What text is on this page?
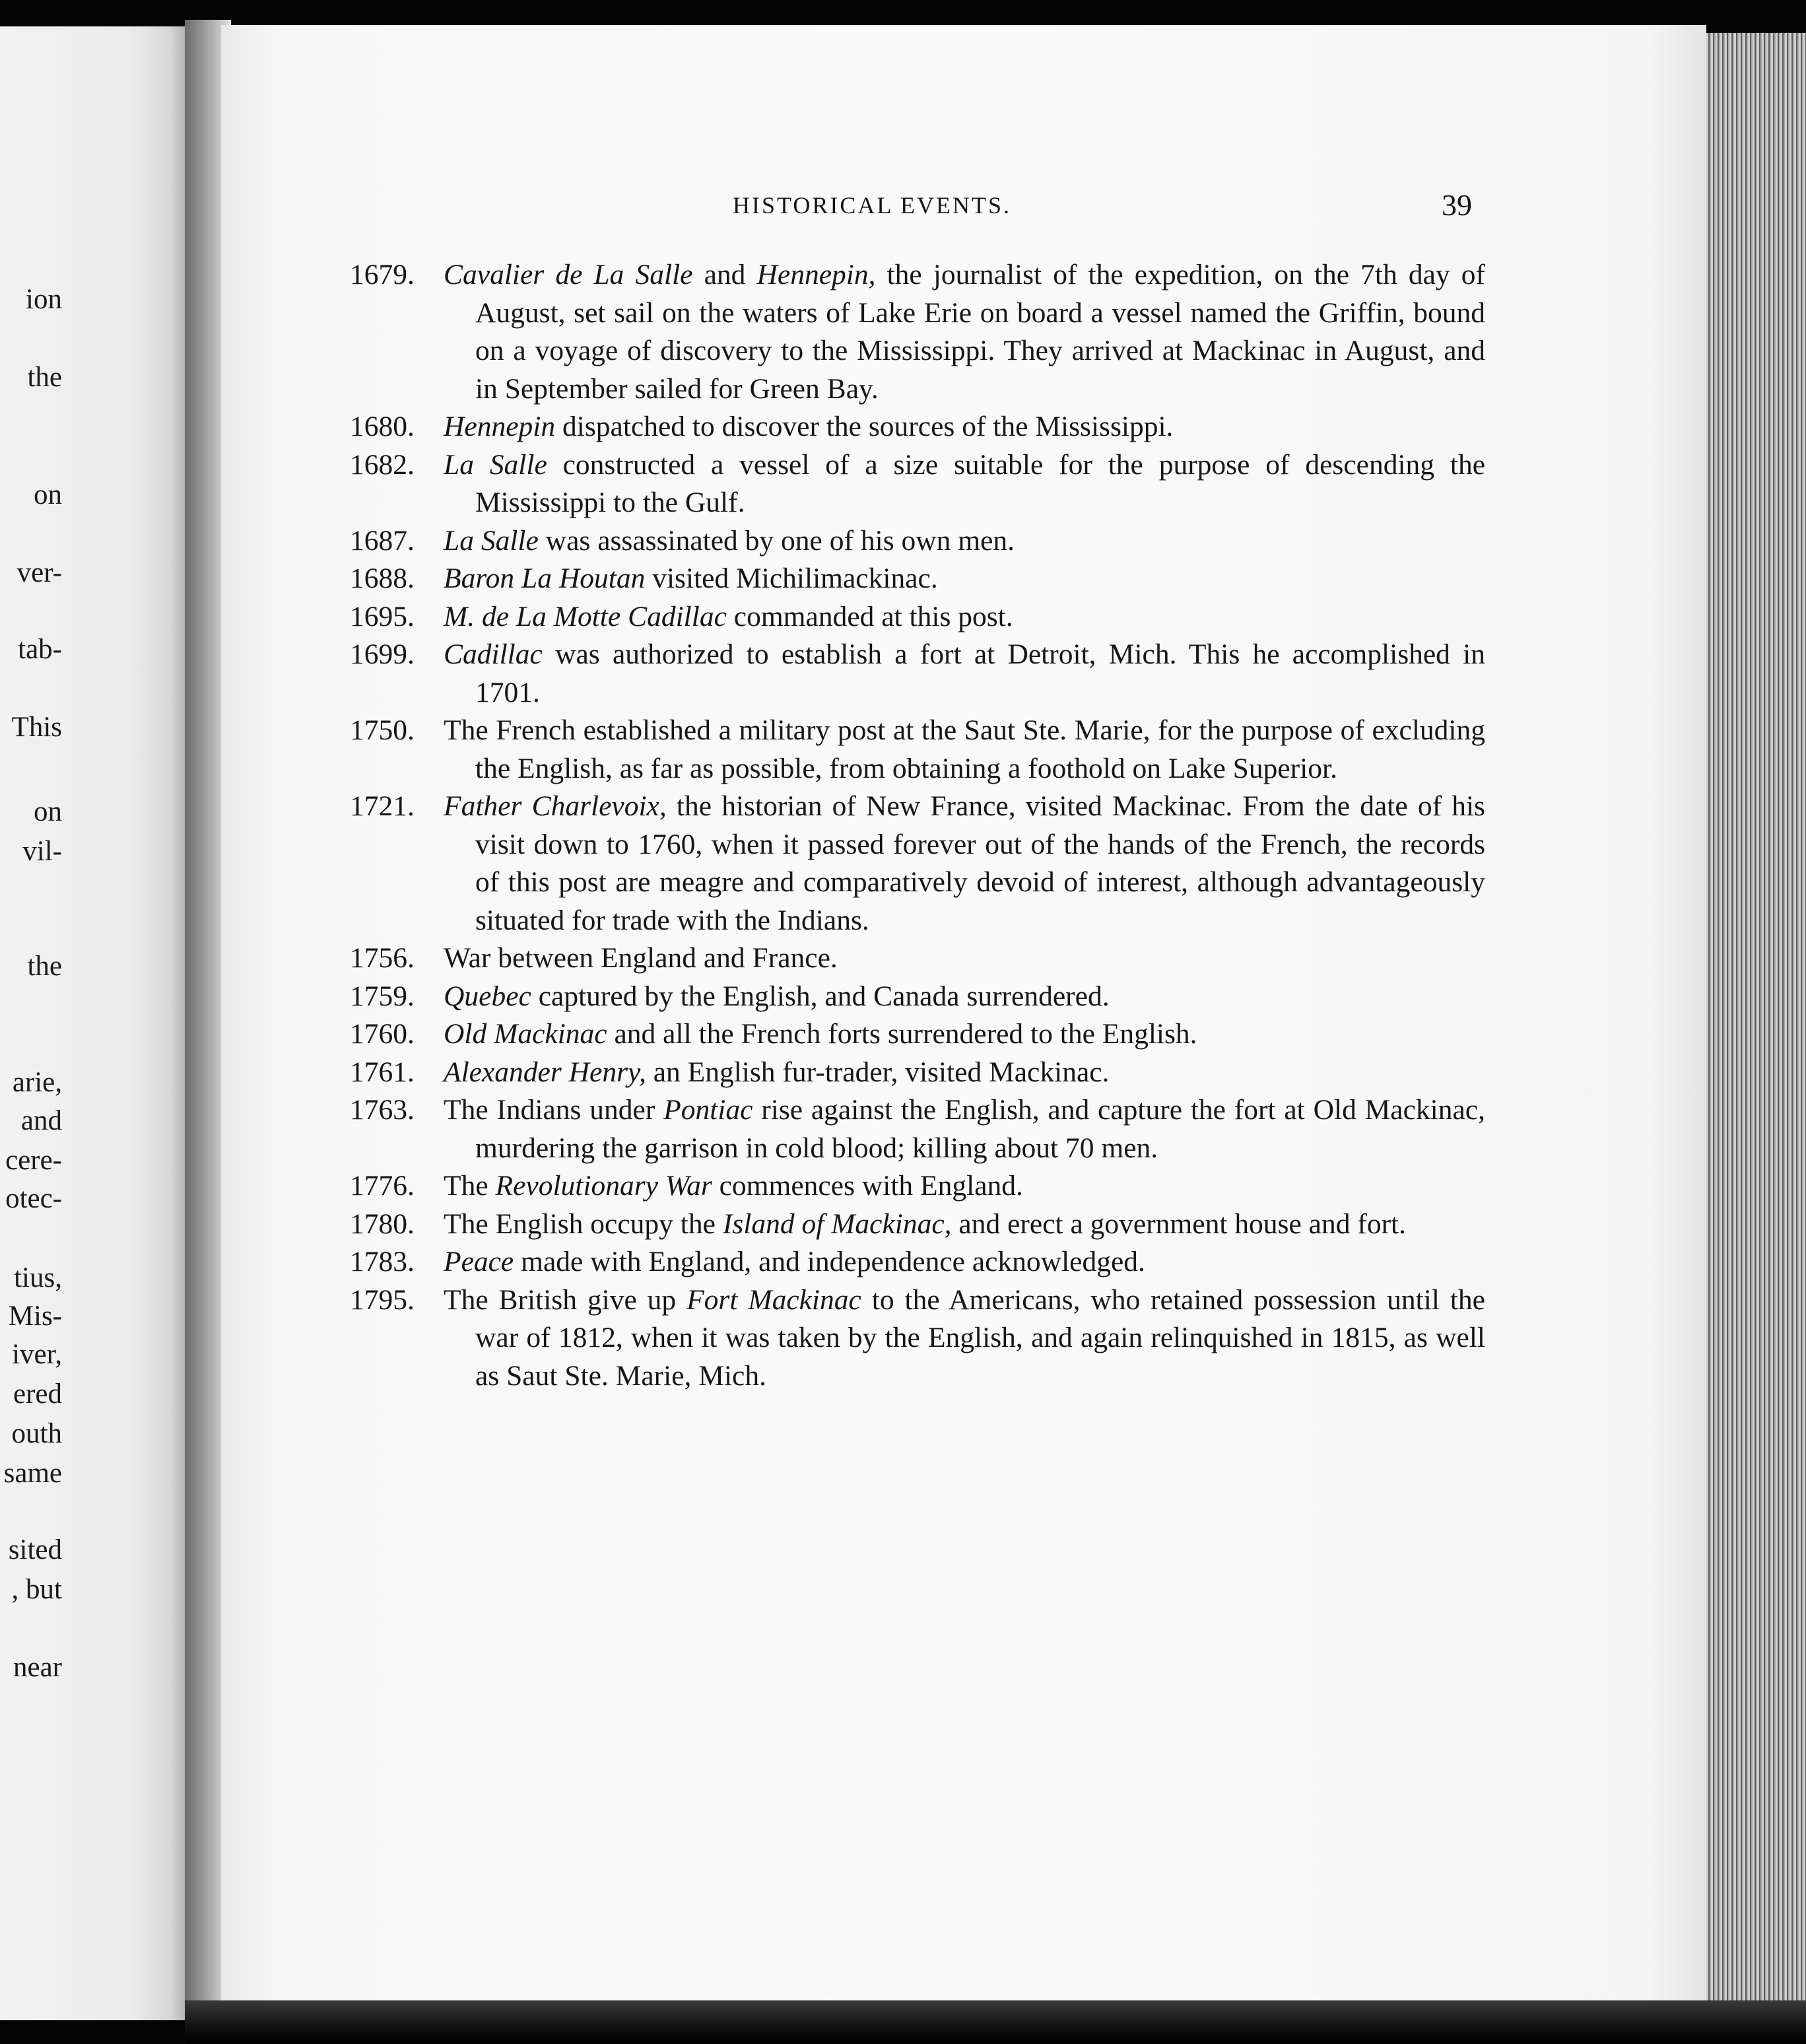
ion
the
on
ver-
tab-
This
on
vil-
the
arie,
and
cere-
otec-
tius,
Mis-
iver,
ered
outh
same
sited
, but
near
HISTORICAL EVENTS.	39

1679. Cavalier de La Salle and Hennepin, the journalist of the expedition, on the 7th day of August, set sail on the waters of Lake Erie on board a vessel named the Griffin, bound on a voyage of discovery to the Mississippi. They arrived at Mackinac in August, and in September sailed for Green Bay.

1680. Hennepin dispatched to discover the sources of the Mississippi.

1682. La Salle constructed a vessel of a size suitable for the purpose of descending the Mississippi to the Gulf.

1687. La Salle was assassinated by one of his own men.

1688. Baron La Houtan visited Michilimackinac.

1695. M. de La Motte Cadillac commanded at this post.

1699. Cadillac was authorized to establish a fort at Detroit, Mich. This he accomplished in 1701.

1750. The French established a military post at the Saut Ste. Marie, for the purpose of excluding the English, as far as possible, from obtaining a foothold on Lake Superior.

1721. Father Charlevoix, the historian of New France, visited Mackinac. From the date of his visit down to 1760, when it passed forever out of the hands of the French, the records of this post are meagre and comparatively devoid of interest, although advantageously situated for trade with the Indians.

1756. War between England and France.

1759. Quebec captured by the English, and Canada surrendered.

1760. Old Mackinac and all the French forts surrendered to the English.

1761. Alexander Henry, an English fur-trader, visited Mackinac.

1763. The Indians under Pontiac rise against the English, and capture the fort at Old Mackinac, murdering the garrison in cold blood; killing about 70 men.

1776. The Revolutionary War commences with England.

1780. The English occupy the Island of Mackinac, and erect a government house and fort.

1783. Peace made with England, and independence acknowledged.

1795. The British give up Fort Mackinac to the Americans, who retained possession until the war of 1812, when it was taken by the English, and again relinquished in 1815, as well as Saut Ste. Marie, Mich.
